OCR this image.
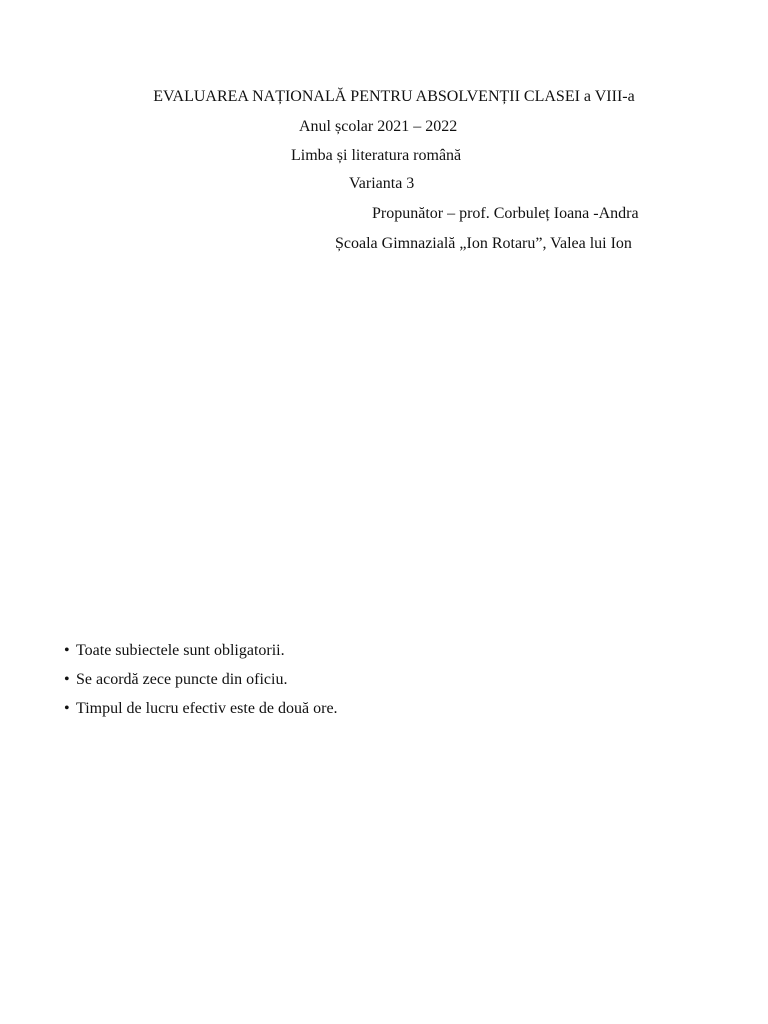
EVALUAREA NAȚIONALĂ PENTRU ABSOLVENȚII CLASEI a VIII-a
Anul școlar 2021 – 2022
Limba și literatura română
Varianta 3
Propunător – prof. Corbuleț Ioana -Andra
Școala Gimnazială „Ion Rotaru”, Valea lui Ion
• Toate subiectele sunt obligatorii.
• Se acordă zece puncte din oficiu.
• Timpul de lucru efectiv este de două ore.
